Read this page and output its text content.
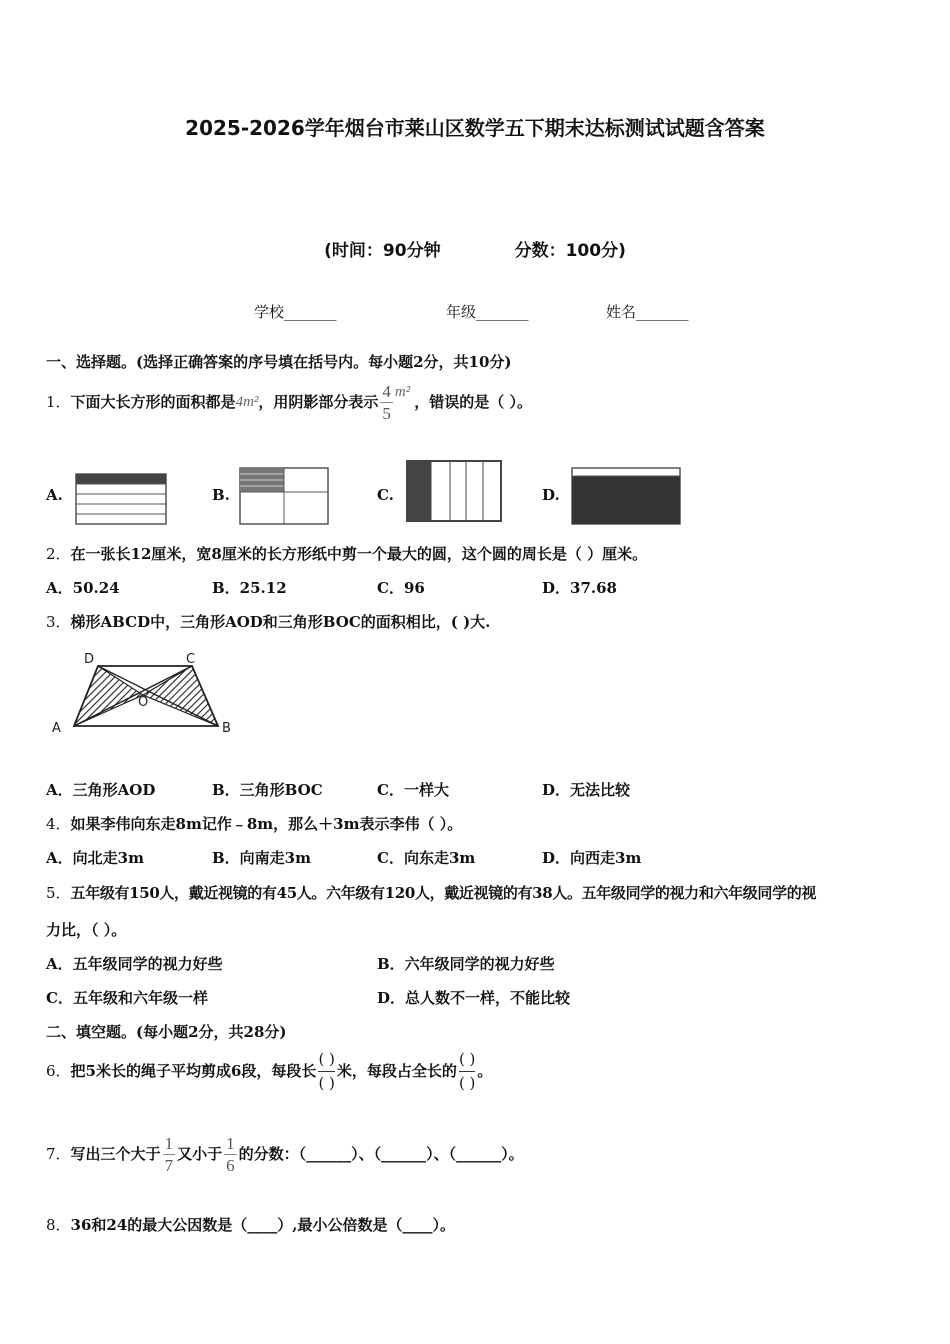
2025-2026学年烟台市莱山区数学五下期末达标测试试题含答案
(时间：90分钟	分数：100分)
学校_______	年级_______	姓名_______
一、选择题。(选择正确答案的序号填在括号内。每小题2分，共10分)
1． 下面大长方形的面积都是 4m² ，用阴影部分表示 $\frac{4}{5} m^2$
，错误的是（ ）。
A.	B.	C.	D.
2．在一张长12厘米，宽8厘米的长方形纸中剪一个最大的圆，这个圆的周长是（ ）厘米。
A．50.24	B．25.12	C．96	D．37.68
3．梯形ABCD中，三角形AOD和三角形BOC的面积相比，( )大.
A	B
C
D
O
A．三角形AOD	B．三角形BOC	C．一样大	D．无法比较
4．如果李伟向东走8m记作﹣8m，那么＋3m表示李伟（ ）。
A．向北走3m	B．向南走3m	C．向东走3m	D．向西走3m
5．五年级有150人，戴近视镜的有45人。六年级有120人，戴近视镜的有38人。五年级同学的视力和六年级同学的视
力比，（ ）。
A．五年级同学的视力好些	B．六年级同学的视力好些
C．五年级和六年级一样	D．总人数不一样，不能比较
二、填空题。(每小题2分，共28分)
6． 把5米长的绳子平均剪成6段，每段长
( )
( )
米，每段占全长的
( )
( )
。
7． 写出三个大于 $\frac{1}{7}$ 又小于 $\frac{1}{6}$ 的分数：（______）、（______）、（______）。
8．36和24的最大公因数是（____）,最小公倍数是（____）。
